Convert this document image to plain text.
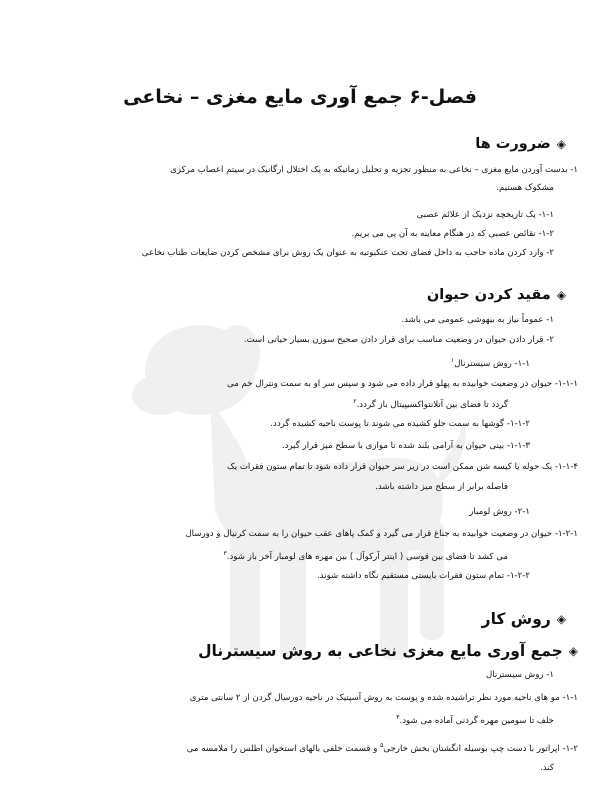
فصل-۶ جمع آوری مایع مغزی – نخاعی
◈
ضرورت ها
۱- بدست آوردن مایع مغزی – نخاعی به منظور تجزیه و تحلیل زمانیکه به یک اختلال ارگانیک در سیتم اعصاب مرکزی
مشکوک هستیم.
۱-۱- یک تاریخچه نزدیک از علائم عصبی
۱-۲- نقائص عصبی که در هنگام معاینه به آن پی می بریم.
۲- وارد کردن ماده حاجب به داخل فضای تحت عنکبوتیه به عنوان یک روش برای مشخص کردن ضایعات طناب نخاعی
◈
مقید کردن حیوان
۱- عموماً نیاز به بیهوشی عمومی می باشد.
۲- قرار دادن حیوان در وضعیت مناسب برای قرار دادن صحیح سوزن بسیار حیاتی است.
۱-۱- روش سیسترنال$^۱$
۱-۱-۱- حیوان در وضعیت خوابیده به پهلو قرار داده می شود و سپس سر او به سمت ونترال خم می
گردد تا فضای بین آتلانتواکسیپیتال باز گردد.$^۲$
۱-۱-۲- گوشها به سمت جلو کشیده می شوند تا پوست ناحیه کشیده گردد.
۱-۱-۳- بینی حیوان به آرامی بلند شده تا موازی با سطح میز قرار گیرد.
۱-۱-۴- یک حوله یا کیسه شن ممکن است در زیر سر حیوان قرار داده شود تا تمام ستون فقرات یک
فاصله برابر از سطح میز داشته باشد.
۲-۱- روش لومبار
۱-۲-۱- حیوان در وضعیت خوابیده به جناغ قرار می گیرد و کمک پاهای عقب حیوان را به سمت کرنیال و دورسال
می کشد تا فضای بین قوسی ( اینتر آرکوآل ) بین مهره های لومبار آخر باز شود.$^۳$
۱-۲-۲- تمام ستون فقرات بایستی مستقیم نگاه داشته شوند.
◈
روش کار
◈
جمع آوری مایع مغزی نخاعی به روش سیسترنال
۱- روش سیسترنال
۱-۱- مو های ناحیه مورد نظر تراشیده شده و پوست به روش آسپتیک در ناحیه دورسال گردن از ۲ سانتی متری
خلف تا سومین مهره گردنی آماده می شود.$^۴$
۱-۲- اپراتور با دست چپ بوسیله انگشتان بخش خارجی$^۵$ و قسمت خلفی بالهای استخوان اطلس را ملامسه می
کند.
